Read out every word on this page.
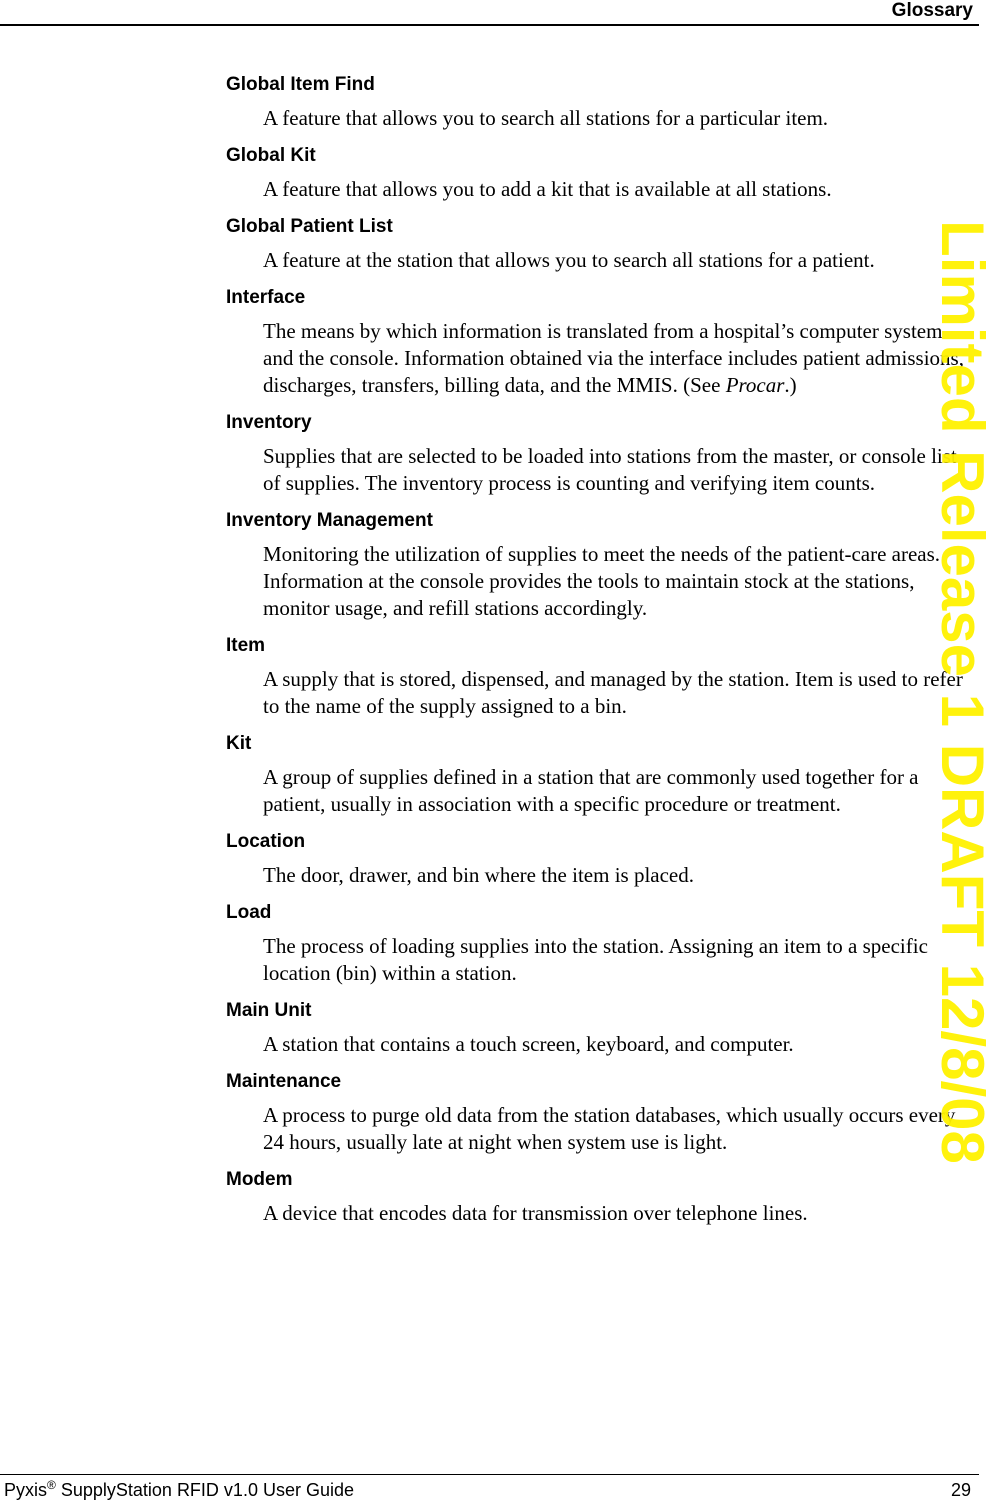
Glossary

Global Item Find

A feature that allows you to search all stations for a particular item.

Global Kit

A feature that allows you to add a kit that is available at all stations.

Global Patient List

A feature at the station that allows you to search all stations for a patient.

Interface

The means by which information is translated from a hospital’s computer system and the console. Information obtained via the interface includes patient admissions, discharges, transfers, billing data, and the MMIS. (See Procar.)

Inventory

Supplies that are selected to be loaded into stations from the master, or console list of supplies. The inventory process is counting and verifying item counts.

Inventory Management

Monitoring the utilization of supplies to meet the needs of the patient-care areas. Information at the console provides the tools to maintain stock at the stations, monitor usage, and refill stations accordingly.

Item

A supply that is stored, dispensed, and managed by the station. Item is used to refer to the name of the supply assigned to a bin.

Kit

A group of supplies defined in a station that are commonly used together for a patient, usually in association with a specific procedure or treatment.

Location

The door, drawer, and bin where the item is placed.

Load

The process of loading supplies into the station. Assigning an item to a specific location (bin) within a station.

Main Unit

A station that contains a touch screen, keyboard, and computer.

Maintenance

A process to purge old data from the station databases, which usually occurs every 24 hours, usually late at night when system use is light.

Modem

A device that encodes data for transmission over telephone lines.

Limited Release 1 DRAFT 12/8/08
Pyxis® SupplyStation RFID v1.0 User Guide	29
